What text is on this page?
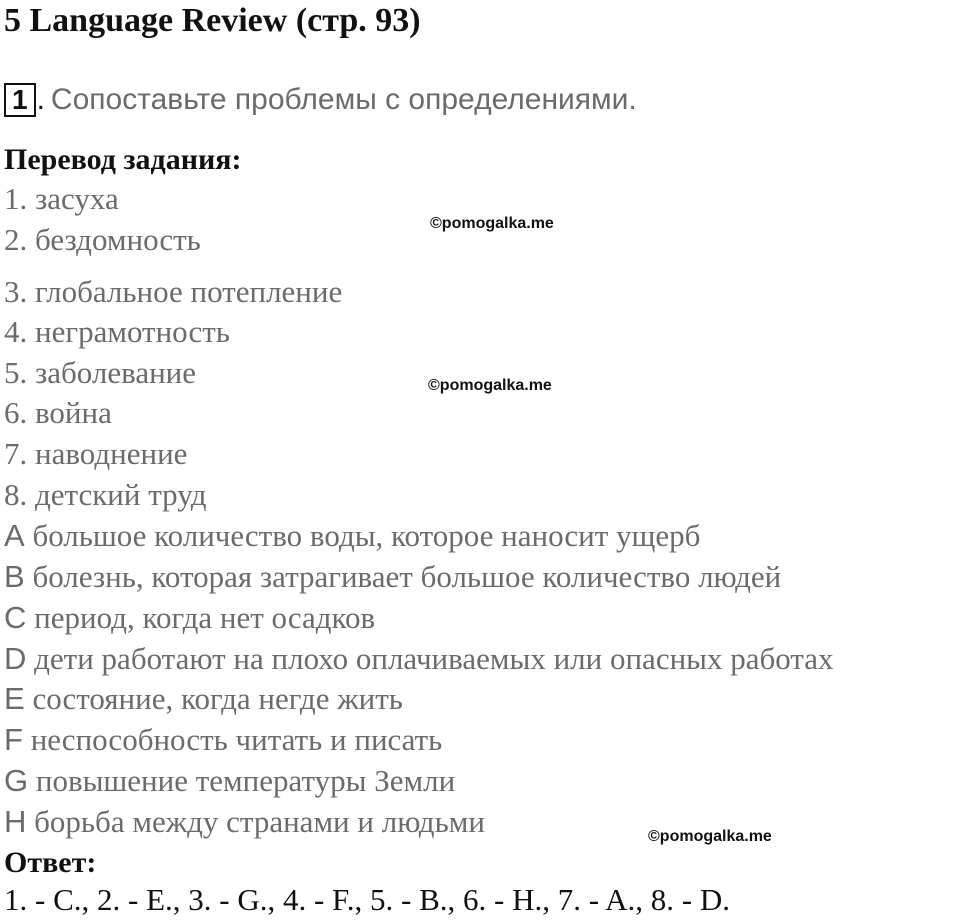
5 Language Review (стр. 93)
1 . Сопоставьте проблемы с определениями.
Перевод задания:
1. засуха
2. бездомность
3. глобальное потепление
4. неграмотность
5. заболевание
6. война
7. наводнение
8. детский труд
A большое количество воды, которое наносит ущерб
B болезнь, которая затрагивает большое количество людей
C период, когда нет осадков
D дети работают на плохо оплачиваемых или опасных работах
E состояние, когда негде жить
F неспособность читать и писать
G повышение температуры Земли
H борьба между странами и людьми
Ответ:
1. - C., 2. - E., 3. - G., 4. - F., 5. - B., 6. - H., 7. - A., 8. - D.
©pomogalka.me
©pomogalka.me
©pomogalka.me
